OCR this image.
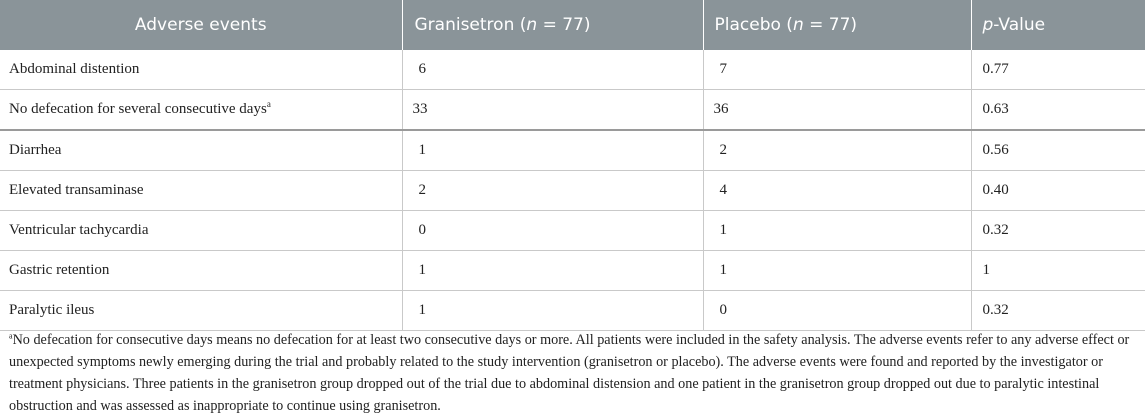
Adverse events	Granisetron (n = 77)	Placebo (n = 77)	p-Value
Abdominal distention	6	7	0.77
No defecation for several consecutive days$^a$	33	36	0.63
Diarrhea	1	2	0.56
Elevated transaminase	2	4	0.40
Ventricular tachycardia	0	1	0.32
Gastric retention	1	1	1
Paralytic ileus	1	0	0.32
$^a$No defecation for consecutive days means no defecation for at least two consecutive days or more. All patients were included in the safety analysis. The adverse events refer to any adverse effect or unexpected symptoms newly emerging during the trial and probably related to the study intervention (granisetron or placebo). The adverse events were found and reported by the investigator or treatment physicians. Three patients in the granisetron group dropped out of the trial due to abdominal distension and one patient in the granisetron group dropped out due to paralytic intestinal obstruction and was assessed as inappropriate to continue using granisetron.
